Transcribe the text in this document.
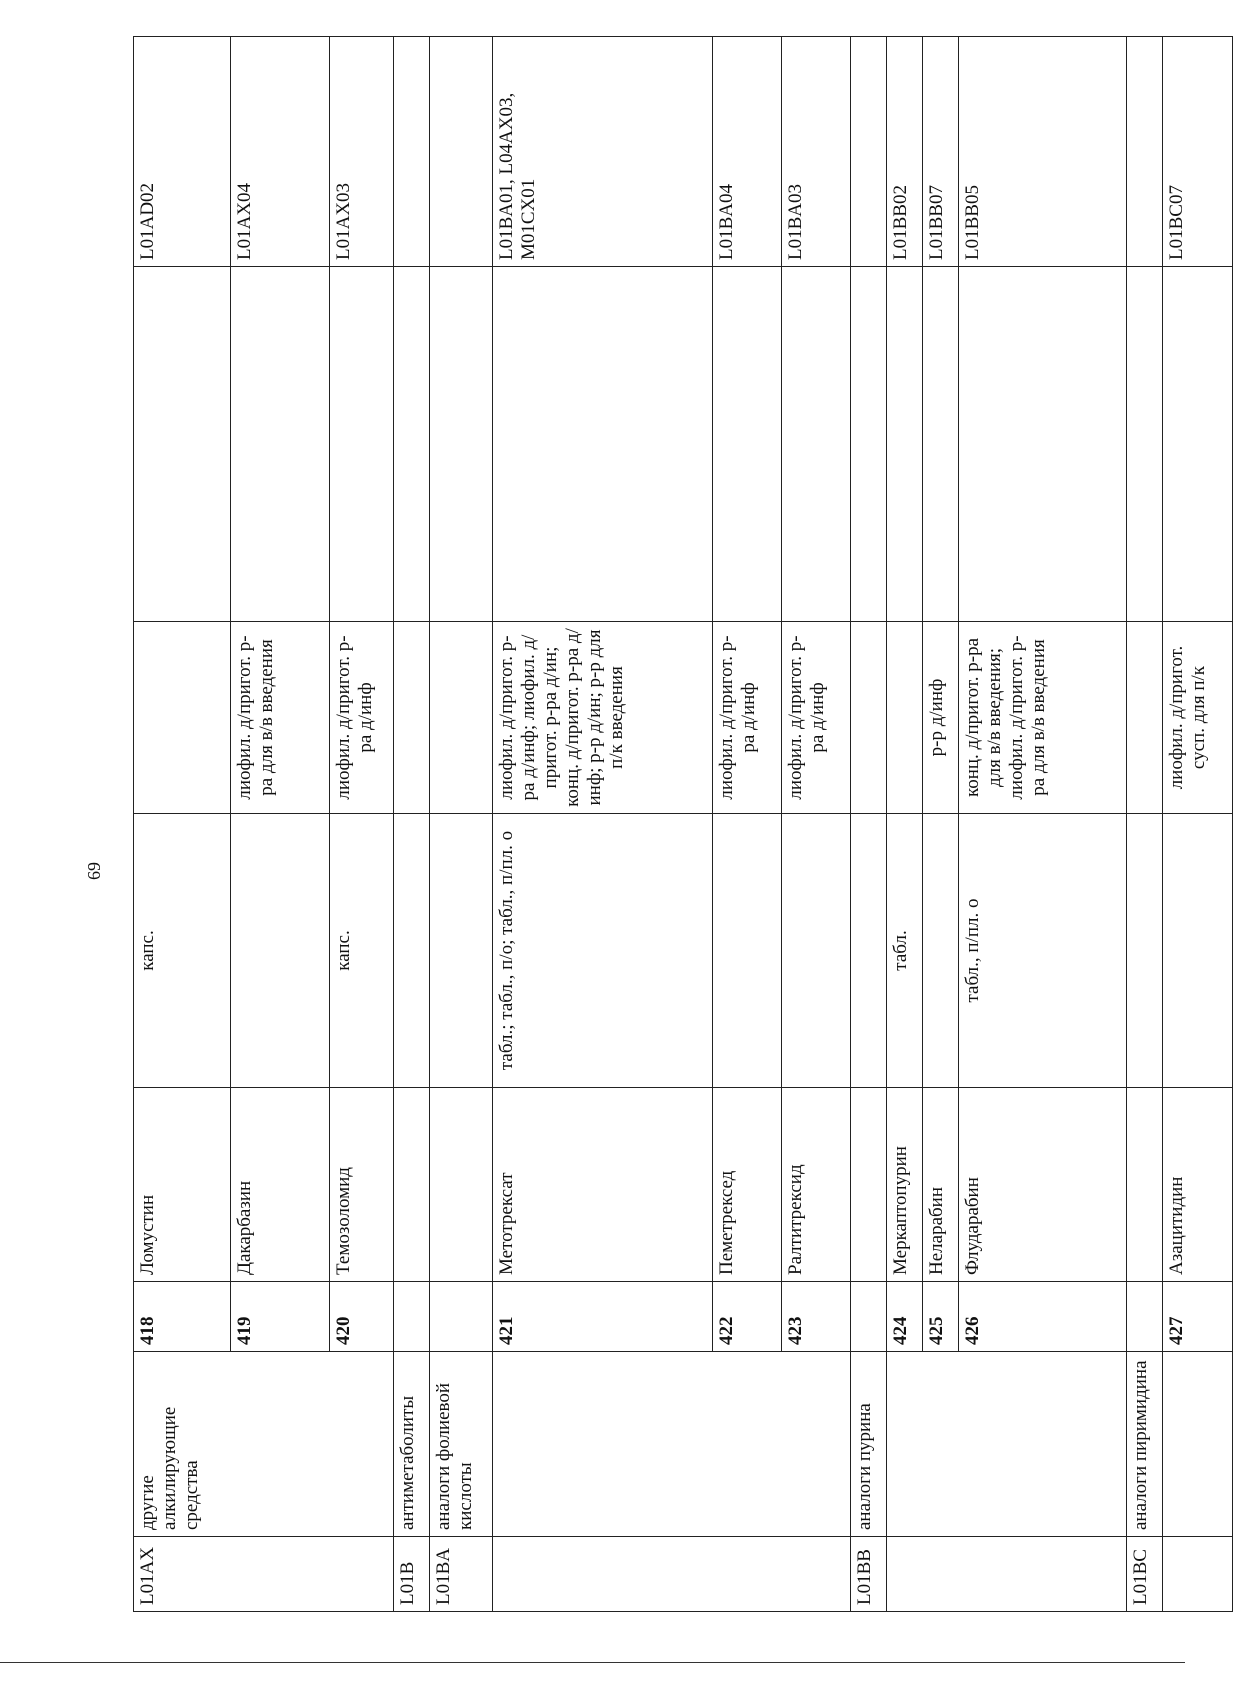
69
L01AX	другие алкилирующие средства	418	Ломустин	капс.			L01AD02
		419	Дакарбазин		лиофил. д/пригот. р-ра для в/в введения		L01AX04
		420	Темозоломид	капс.	лиофил. д/пригот. р-ра д/инф		L01AX03
L01B	антиметаболиты						
L01BA	аналоги фолиевой кислоты						
		421	Метотрексат	табл.; табл., п/о; табл., п/пл. о	лиофил. д/пригот. р-ра д/инф; лиофил. д/пригот. р-ра д/ин; конц. д/пригот. р-ра д/инф; р-р д/ин; р-р для п/к введения		L01BA01, L04AX03, M01CX01
		422	Пеметрексед		лиофил. д/пригот. р-ра д/инф		L01BA04
		423	Ралтитрексид		лиофил. д/пригот. р-ра д/инф		L01BA03
L01BB	аналоги пурина						
		424	Меркаптопурин	табл.			L01BB02
		425	Неларабин		р-р д/инф		L01BB07
		426	Флударабин	табл., п/пл. о	конц. д/пригот. р-ра для в/в введения; лиофил. д/пригот. р-ра для в/в введения		L01BB05
L01BC	аналоги пиримидина						
		427	Азацитидин		лиофил. д/пригот. сусп. для п/к		L01BC07
